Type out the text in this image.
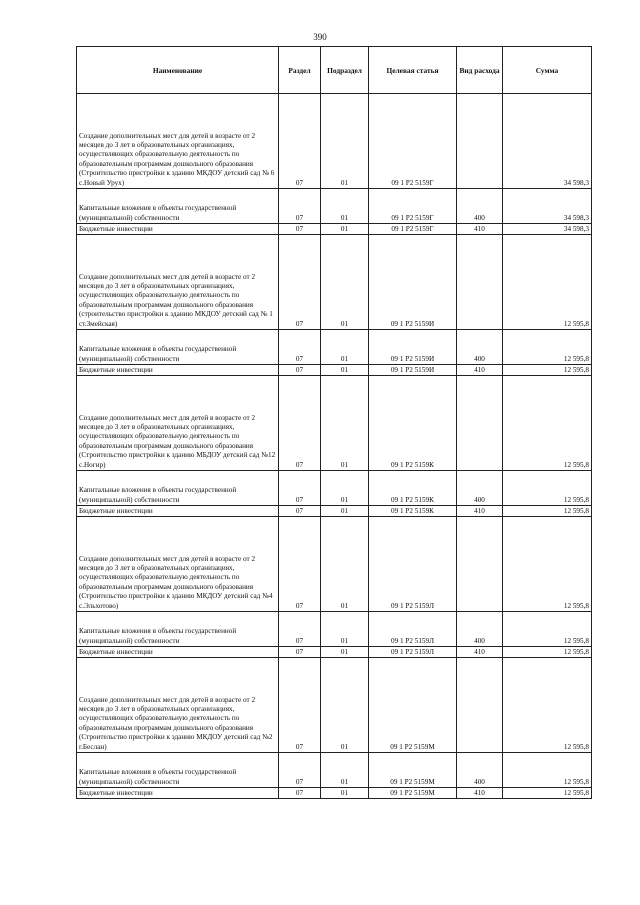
390
Наименование	Раздел	Подраздел	Целевая статья	Вид расхода	Сумма
Создание дополнительных мест для детей в возрасте от 2 месяцев до 3 лет в образовательных организациях, осуществляющих образовательную деятельность по образовательным программам дошкольного образования (Строительство пристройки к зданию МКДОУ детский сад № 6 с.Новый Урух)	07	01	09 1 Р2 5159Г		34 598,3
Капитальные вложения в объекты государственной (муниципальной) собственности	07	01	09 1 Р2 5159Г	400	34 598,3
Бюджетные инвестиции	07	01	09 1 Р2 5159Г	410	34 598,3
Создание дополнительных мест для детей в возрасте от 2 месяцев до 3 лет в образовательных организациях, осуществляющих образовательную деятельность по образовательным программам дошкольного образования (строительство пристройки к зданию МКДОУ детский сад № 1 ст.Змейская)	07	01	09 1 Р2 5159И		12 595,8
Капитальные вложения в объекты государственной (муниципальной) собственности	07	01	09 1 Р2 5159И	400	12 595,8
Бюджетные инвестиции	07	01	09 1 Р2 5159И	410	12 595,8
Создание дополнительных мест для детей в возрасте от 2 месяцев до 3 лет в образовательных организациях, осуществляющих образовательную деятельность по образовательным программам дошкольного образования (Строительство пристройки к зданию МБДОУ детский сад №12 с.Ногир)	07	01	09 1 Р2 5159К		12 595,8
Капитальные вложения в объекты государственной (муниципальной) собственности	07	01	09 1 Р2 5159К	400	12 595,8
Бюджетные инвестиции	07	01	09 1 Р2 5159К	410	12 595,8
Создание дополнительных мест для детей в возрасте от 2 месяцев до 3 лет в образовательных организациях, осуществляющих образовательную деятельность по образовательным программам дошкольного образования (Строительство пристройки к зданию МКДОУ детский сад №4 с.Эльхотово)	07	01	09 1 Р2 5159Л		12 595,8
Капитальные вложения в объекты государственной (муниципальной) собственности	07	01	09 1 Р2 5159Л	400	12 595,8
Бюджетные инвестиции	07	01	09 1 Р2 5159Л	410	12 595,8
Создание дополнительных мест для детей в возрасте от 2 месяцев до 3 лет в образовательных организациях, осуществляющих образовательную деятельность по образовательным программам дошкольного образования (Строительство пристройки к зданию МКДОУ детский сад №2 г.Беслан)	07	01	09 1 Р2 5159М		12 595,8
Капитальные вложения в объекты государственной (муниципальной) собственности	07	01	09 1 Р2 5159М	400	12 595,8
Бюджетные инвестиции	07	01	09 1 Р2 5159М	410	12 595,8
